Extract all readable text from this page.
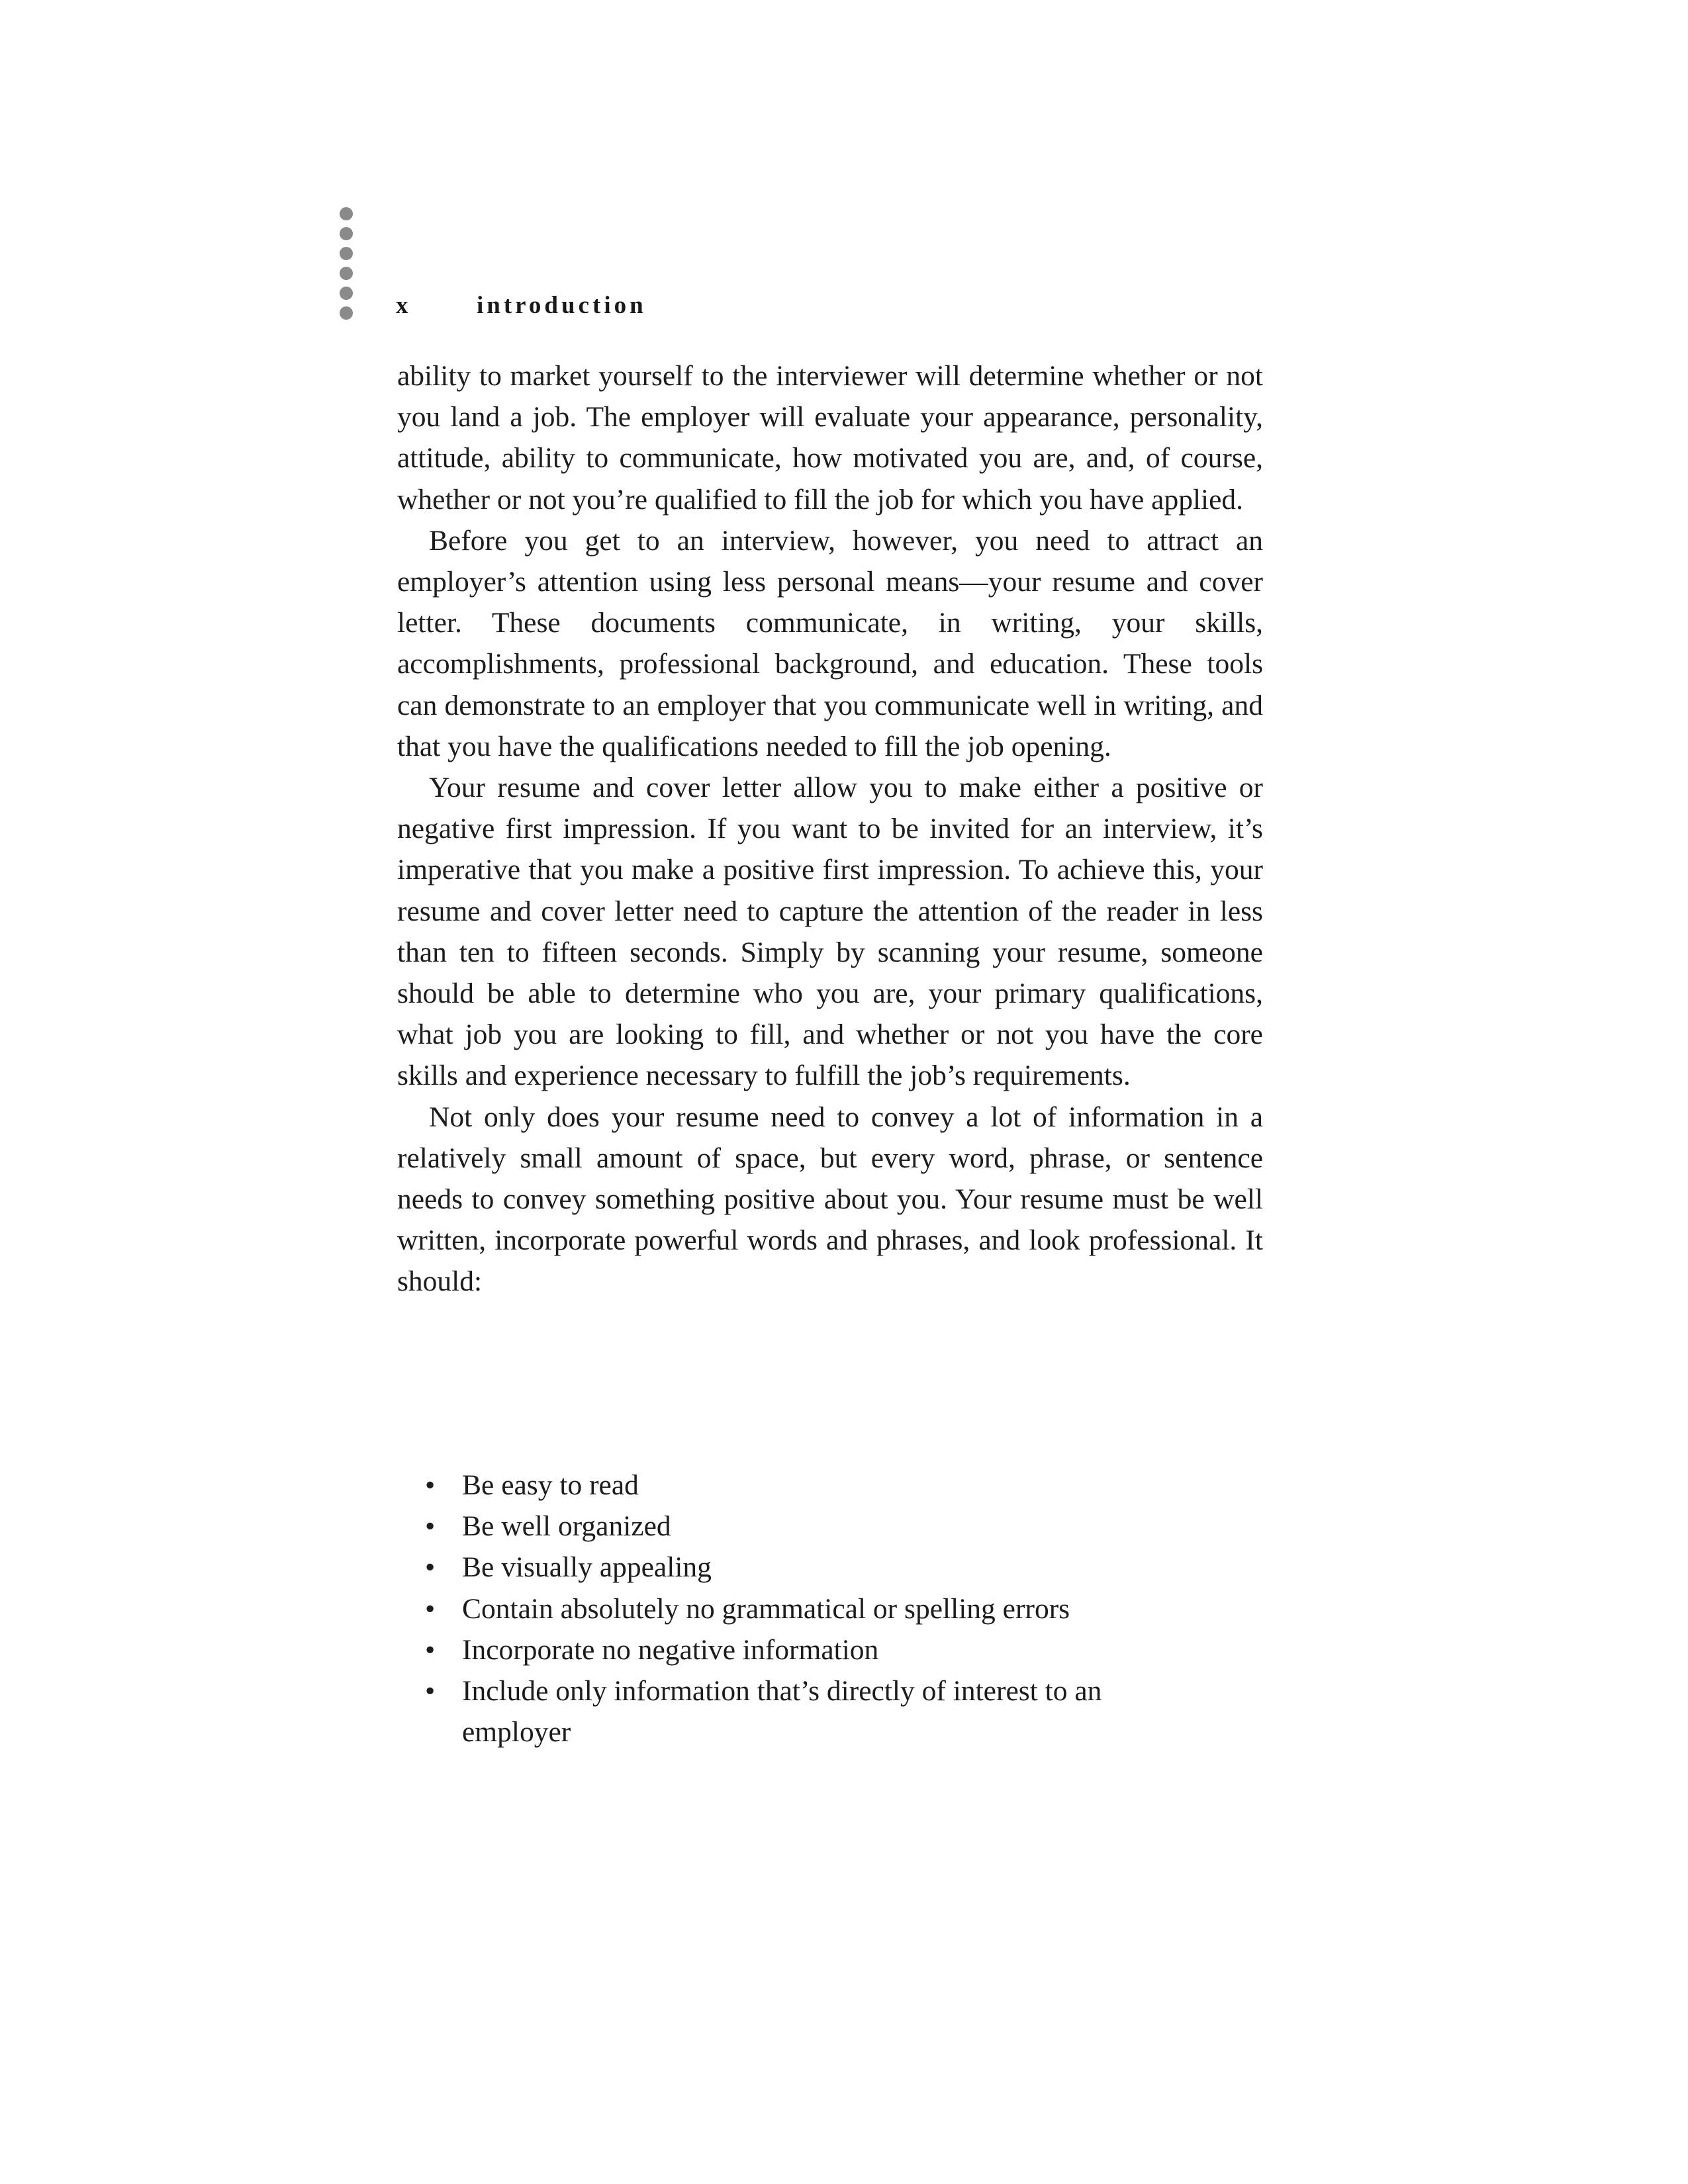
x	introduction

ability to market yourself to the interviewer will determine whether or not you land a job. The employer will evaluate your appearance, personality, attitude, ability to communicate, how motivated you are, and, of course, whether or not you’re qualified to fill the job for which you have applied.

Before you get to an interview, however, you need to attract an employer’s attention using less personal means—your resume and cover letter. These documents communicate, in writing, your skills, accomplishments, professional background, and education. These tools can demonstrate to an employer that you communicate well in writing, and that you have the qualifications needed to fill the job opening.

Your resume and cover letter allow you to make either a positive or negative first impression. If you want to be invited for an interview, it’s imperative that you make a positive first impression. To achieve this, your resume and cover letter need to capture the attention of the reader in less than ten to fifteen seconds. Simply by scanning your resume, someone should be able to determine who you are, your primary qualifications, what job you are looking to fill, and whether or not you have the core skills and experience necessary to fulfill the job’s requirements.

Not only does your resume need to convey a lot of information in a relatively small amount of space, but every word, phrase, or sentence needs to convey something positive about you. Your resume must be well written, incorporate powerful words and phrases, and look professional. It should:

• Be easy to read
• Be well organized
• Be visually appealing
• Contain absolutely no grammatical or spelling errors
• Incorporate no negative information
• Include only information that’s directly of interest to an employer
